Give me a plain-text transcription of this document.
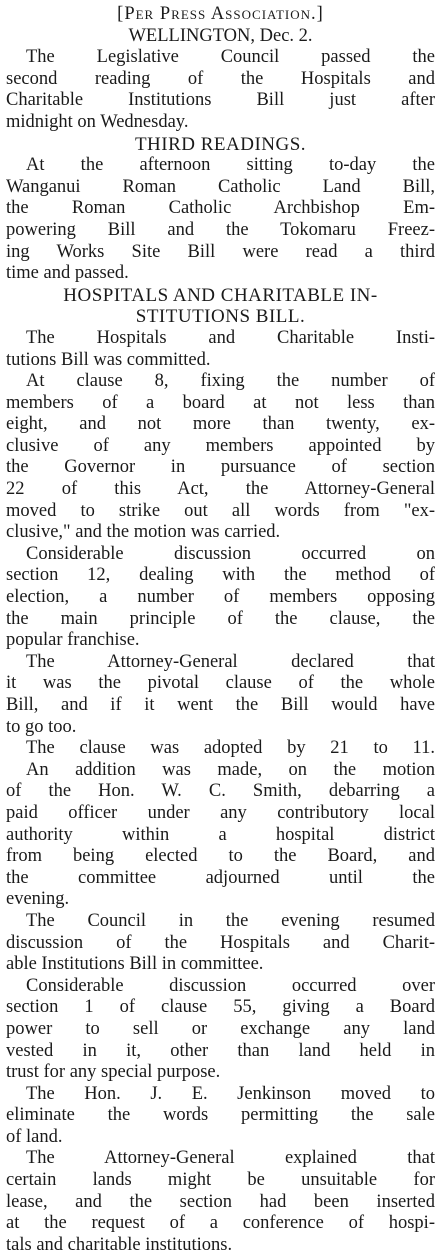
[Per Press Association.]
WELLINGTON, Dec. 2.
The Legislative Council passed the
second reading of the Hospitals and
Charitable Institutions Bill just after
midnight on Wednesday.
THIRD READINGS.
At the afternoon sitting to-day the
Wanganui Roman Catholic Land Bill,
the Roman Catholic Archbishop Em-
powering Bill and the Tokomaru Freez-
ing Works Site Bill were read a third
time and passed.
HOSPITALS AND CHARITABLE IN-
STITUTIONS BILL.
The Hospitals and Charitable Insti-
tutions Bill was committed.
At clause 8, fixing the number of
members of a board at not less than
eight, and not more than twenty, ex-
clusive of any members appointed by
the Governor in pursuance of section
22 of this Act, the Attorney-General
moved to strike out all words from "ex-
clusive," and the motion was carried.
Considerable discussion occurred on
section 12, dealing with the method of
election, a number of members opposing
the main principle of the clause, the
popular franchise.
The Attorney-General declared that
it was the pivotal clause of the whole
Bill, and if it went the Bill would have
to go too.
The clause was adopted by 21 to 11.
An addition was made, on the motion
of the Hon. W. C. Smith, debarring a
paid officer under any contributory local
authority within a hospital district
from being elected to the Board, and
the committee adjourned until the
evening.
The Council in the evening resumed
discussion of the Hospitals and Charit-
able Institutions Bill in committee.
Considerable discussion occurred over
section 1 of clause 55, giving a Board
power to sell or exchange any land
vested in it, other than land held in
trust for any special purpose.
The Hon. J. E. Jenkinson moved to
eliminate the words permitting the sale
of land.
The Attorney-General explained that
certain lands might be unsuitable for
lease, and the section had been inserted
at the request of a conference of hospi-
tals and charitable institutions.
